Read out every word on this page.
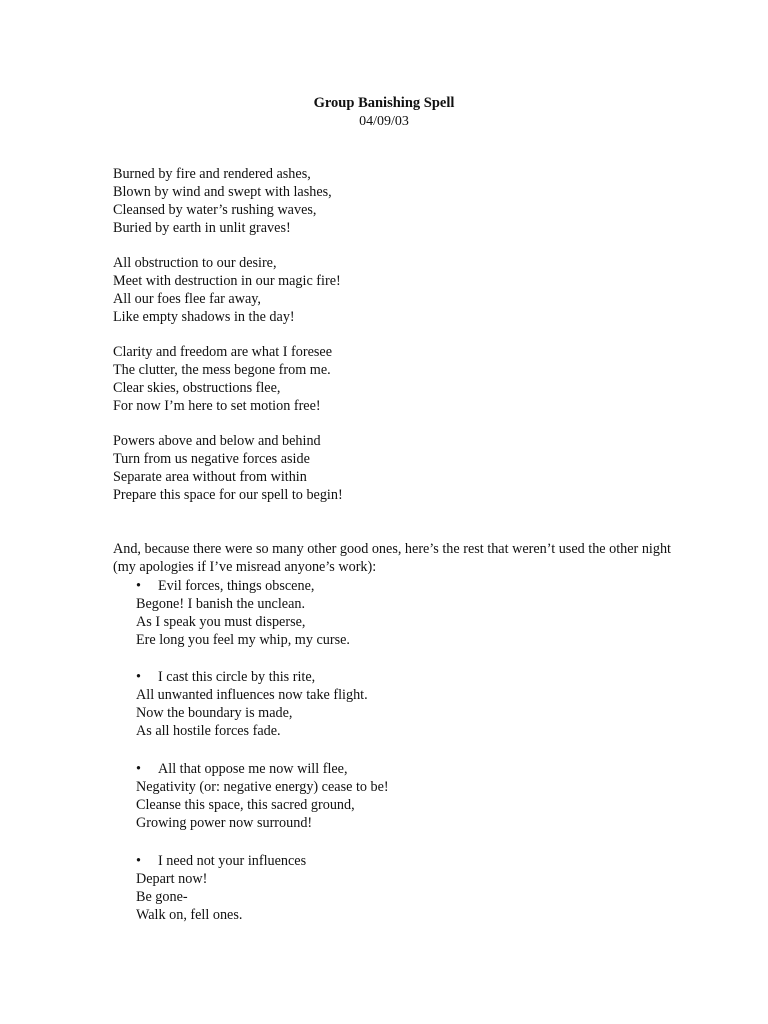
Group Banishing Spell
04/09/03
Burned by fire and rendered ashes,
Blown by wind and swept with lashes,
Cleansed by water’s rushing waves,
Buried by earth in unlit graves!
All obstruction to our desire,
Meet with destruction in our magic fire!
All our foes flee far away,
Like empty shadows in the day!
Clarity and freedom are what I foresee
The clutter, the mess begone from me.
Clear skies, obstructions flee,
For now I’m here to set motion free!
Powers above and below and behind
Turn from us negative forces aside
Separate area without from within
Prepare this space for our spell to begin!
And, because there were so many other good ones, here’s the rest that weren’t used the other night (my apologies if I’ve misread anyone’s work):
• Evil forces, things obscene,
Begone! I banish the unclean.
As I speak you must disperse,
Ere long you feel my whip, my curse.
• I cast this circle by this rite,
All unwanted influences now take flight.
Now the boundary is made,
As all hostile forces fade.
• All that oppose me now will flee,
Negativity (or: negative energy) cease to be!
Cleanse this space, this sacred ground,
Growing power now surround!
• I need not your influences
Depart now!
Be gone-
Walk on, fell ones.
